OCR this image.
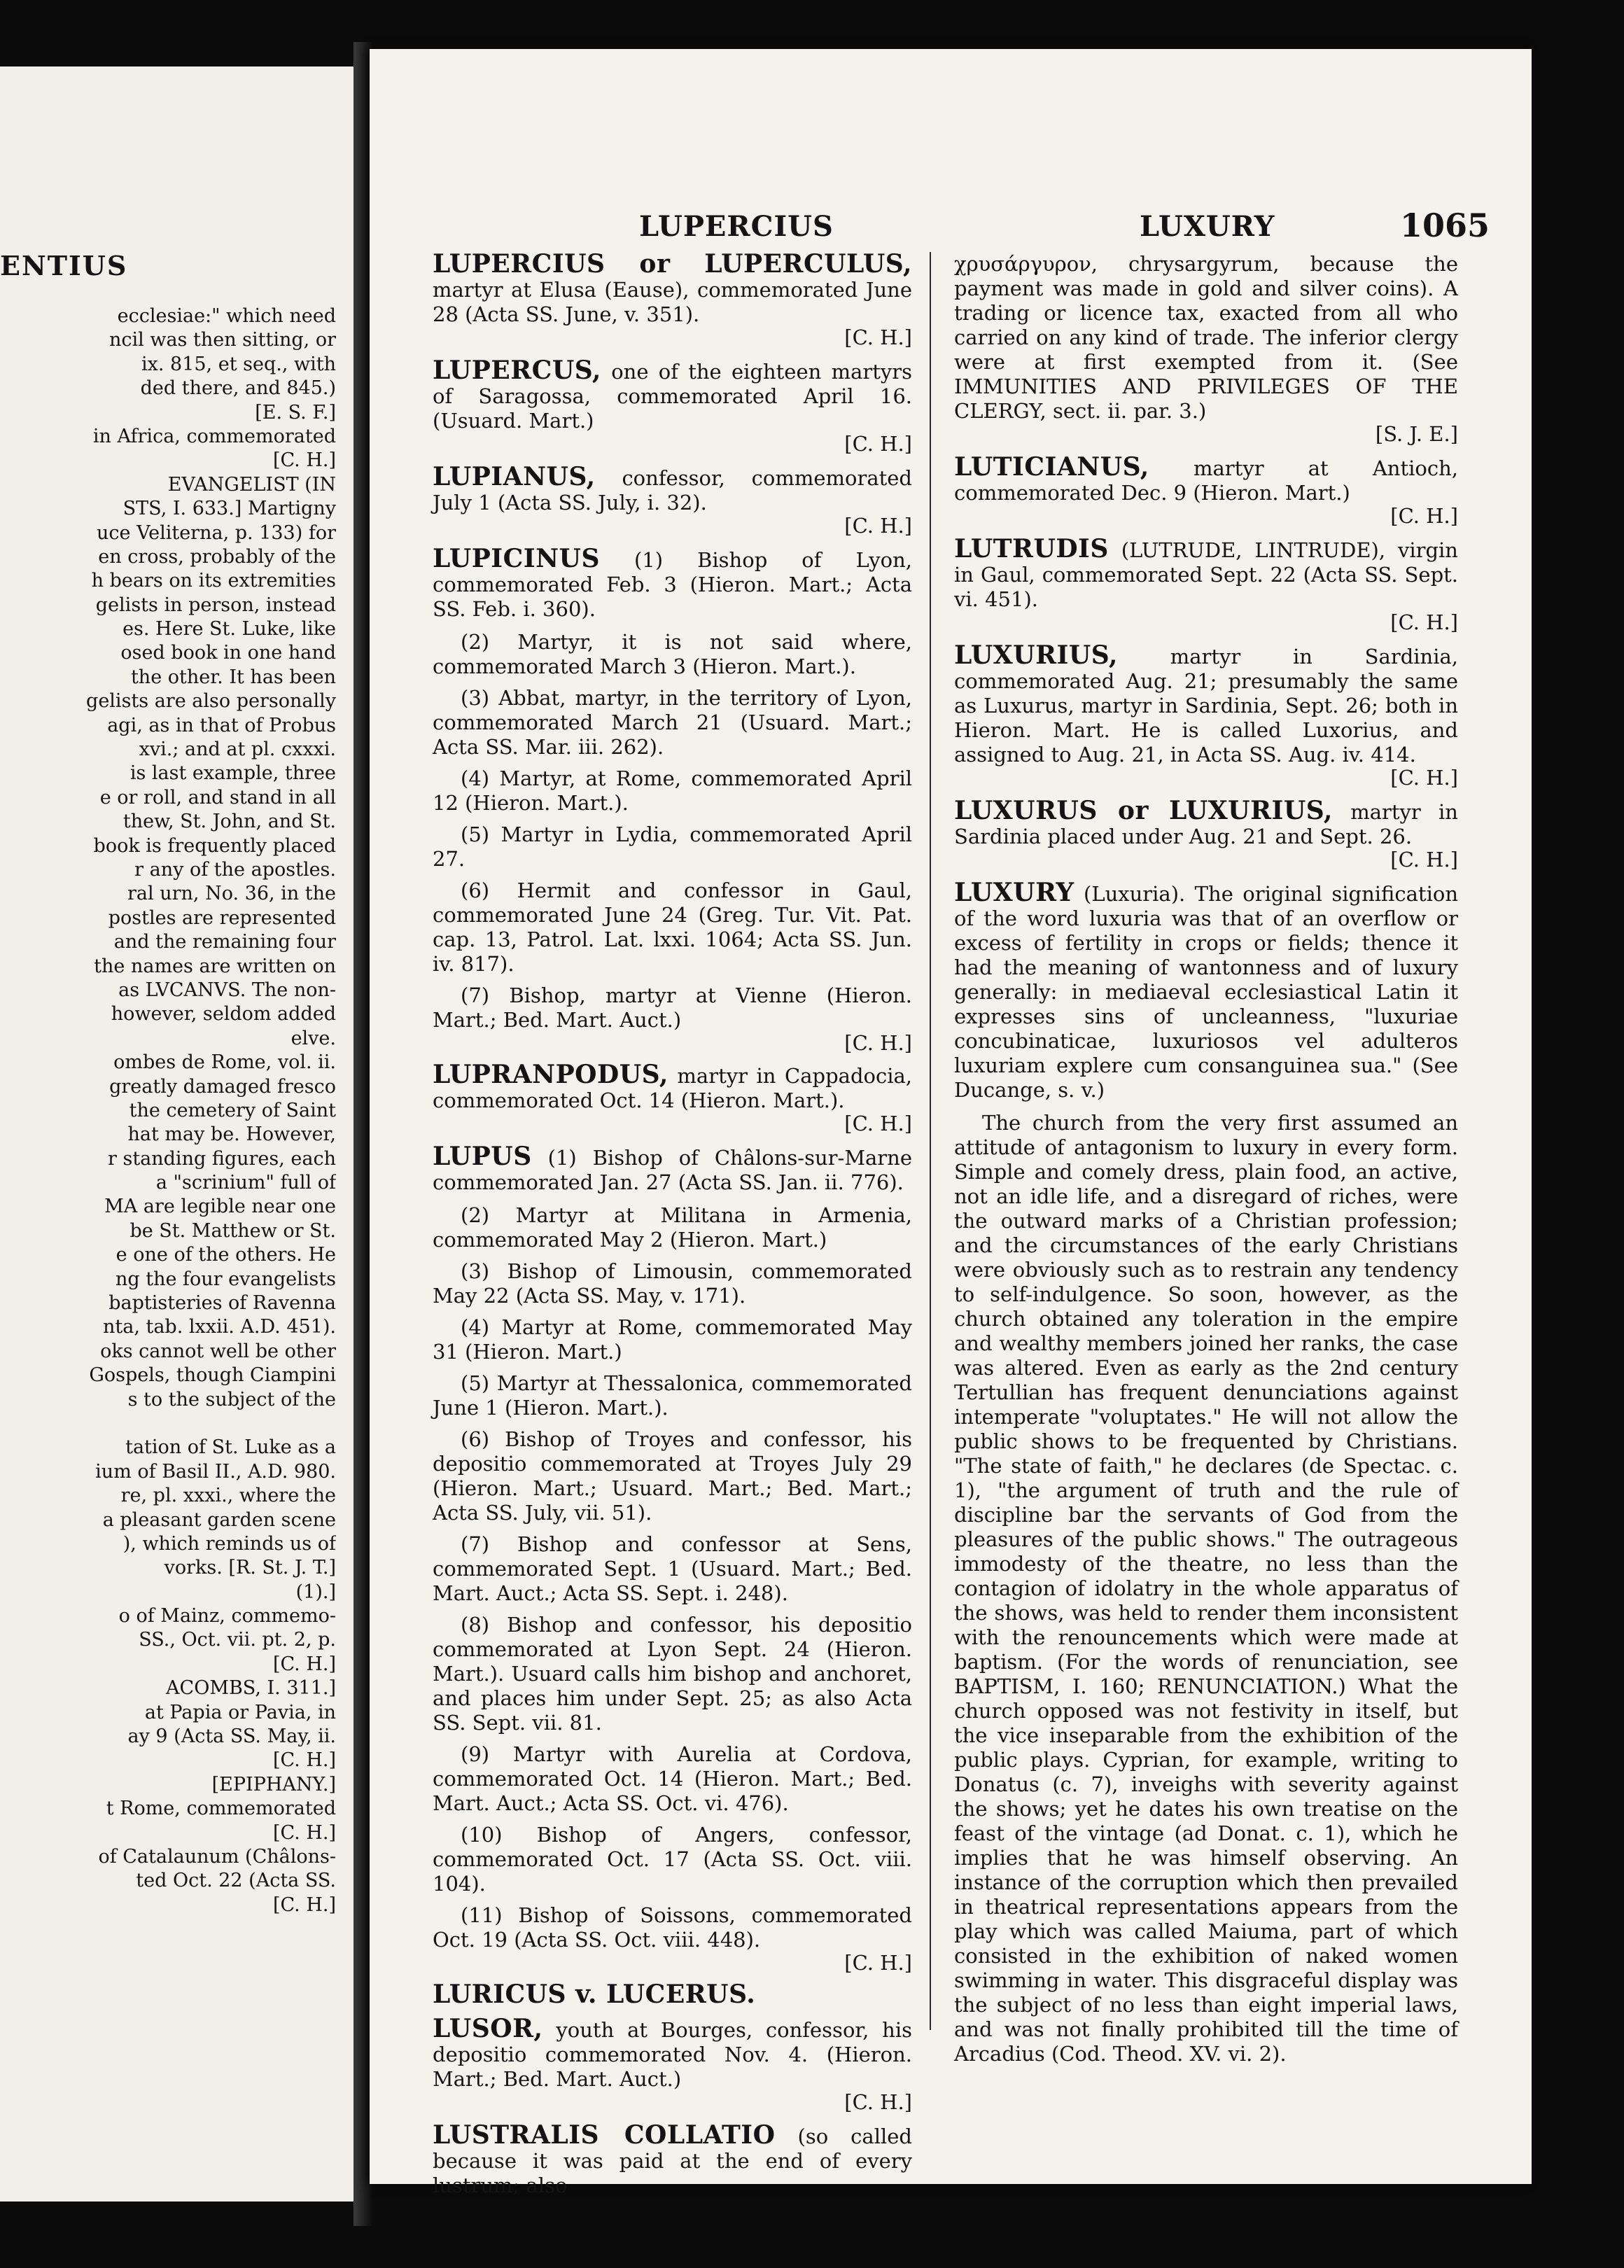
ENTIUS
ecclesiae:" which need
ncil was then sitting, or
ix. 815, et seq., with
ded there, and 845.)
[E. S. F.]
in Africa, commemorated
[C. H.]
EVANGELIST (IN
STS, I. 633.] Martigny
uce Veliterna, p. 133) for
en cross, probably of the
h bears on its extremities
gelists in person, instead
es. Here St. Luke, like
osed book in one hand
the other. It has been
gelists are also personally
agi, as in that of Probus
xvi.; and at pl. cxxxi.
is last example, three
e or roll, and stand in all
thew, St. John, and St.
book is frequently placed
r any of the apostles.
ral urn, No. 36, in the
postles are represented
and the remaining four
the names are written on
as LVCANVS. The non-
however, seldom added
elve.
ombes de Rome, vol. ii.
greatly damaged fresco
the cemetery of Saint
hat may be. However,
r standing figures, each
a "scrinium" full of
MA are legible near one
be St. Matthew or St.
e one of the others. He
ng the four evangelists
baptisteries of Ravenna
nta, tab. lxxii. A.D. 451).
oks cannot well be other
Gospels, though Ciampini
s to the subject of the
tation of St. Luke as a
ium of Basil II., A.D. 980.
re, pl. xxxi., where the
a pleasant garden scene
), which reminds us of
vorks. [R. St. J. T.]
(1).]
o of Mainz, commemo-
SS., Oct. vii. pt. 2, p.
[C. H.]
ACOMBS, I. 311.]
at Papia or Pavia, in
ay 9 (Acta SS. May, ii.
[C. H.]
[EPIPHANY.]
t Rome, commemorated
[C. H.]
of Catalaunum (Châlons-
ted Oct. 22 (Acta SS.
[C. H.]
LUPERCIUS	LUXURY	1065
LUPERCIUS or LUPERCULUS, martyr at Elusa (Eause), commemorated June 28 (Acta SS. June, v. 351).
[C. H.]
LUPERCUS, one of the eighteen martyrs of Saragossa, commemorated April 16. (Usuard. Mart.)
[C. H.]
LUPIANUS, confessor, commemorated July 1 (Acta SS. July, i. 32).
[C. H.]
LUPICINUS (1) Bishop of Lyon, commemorated Feb. 3 (Hieron. Mart.; Acta SS. Feb. i. 360).
(2) Martyr, it is not said where, commemorated March 3 (Hieron. Mart.).
(3) Abbat, martyr, in the territory of Lyon, commemorated March 21 (Usuard. Mart.; Acta SS. Mar. iii. 262).
(4) Martyr, at Rome, commemorated April 12 (Hieron. Mart.).
(5) Martyr in Lydia, commemorated April 27.
(6) Hermit and confessor in Gaul, commemorated June 24 (Greg. Tur. Vit. Pat. cap. 13, Patrol. Lat. lxxi. 1064; Acta SS. Jun. iv. 817).
(7) Bishop, martyr at Vienne (Hieron. Mart.; Bed. Mart. Auct.)
[C. H.]
LUPRANPODUS, martyr in Cappadocia, commemorated Oct. 14 (Hieron. Mart.).
[C. H.]
LUPUS (1) Bishop of Châlons-sur-Marne commemorated Jan. 27 (Acta SS. Jan. ii. 776).
(2) Martyr at Militana in Armenia, commemorated May 2 (Hieron. Mart.)
(3) Bishop of Limousin, commemorated May 22 (Acta SS. May, v. 171).
(4) Martyr at Rome, commemorated May 31 (Hieron. Mart.)
(5) Martyr at Thessalonica, commemorated June 1 (Hieron. Mart.).
(6) Bishop of Troyes and confessor, his depositio commemorated at Troyes July 29 (Hieron. Mart.; Usuard. Mart.; Bed. Mart.; Acta SS. July, vii. 51).
(7) Bishop and confessor at Sens, commemorated Sept. 1 (Usuard. Mart.; Bed. Mart. Auct.; Acta SS. Sept. i. 248).
(8) Bishop and confessor, his depositio commemorated at Lyon Sept. 24 (Hieron. Mart.). Usuard calls him bishop and anchoret, and places him under Sept. 25; as also Acta SS. Sept. vii. 81.
(9) Martyr with Aurelia at Cordova, commemorated Oct. 14 (Hieron. Mart.; Bed. Mart. Auct.; Acta SS. Oct. vi. 476).
(10) Bishop of Angers, confessor, commemorated Oct. 17 (Acta SS. Oct. viii. 104).
(11) Bishop of Soissons, commemorated Oct. 19 (Acta SS. Oct. viii. 448).
[C. H.]
LURICUS v. LUCERUS.
LUSOR, youth at Bourges, confessor, his depositio commemorated Nov. 4. (Hieron. Mart.; Bed. Mart. Auct.)
[C. H.]
LUSTRALIS COLLATIO (so called because it was paid at the end of every lustrum; also
χρυσάργυρον, chrysargyrum, because the payment was made in gold and silver coins). A trading or licence tax, exacted from all who carried on any kind of trade. The inferior clergy were at first exempted from it. (See IMMUNITIES AND PRIVILEGES OF THE CLERGY, sect. ii. par. 3.)
[S. J. E.]
LUTICIANUS, martyr at Antioch, commemorated Dec. 9 (Hieron. Mart.)
[C. H.]
LUTRUDIS (LUTRUDE, LINTRUDE), virgin in Gaul, commemorated Sept. 22 (Acta SS. Sept. vi. 451).
[C. H.]
LUXURIUS, martyr in Sardinia, commemorated Aug. 21; presumably the same as Luxurus, martyr in Sardinia, Sept. 26; both in Hieron. Mart. He is called Luxorius, and assigned to Aug. 21, in Acta SS. Aug. iv. 414.
[C. H.]
LUXURUS or LUXURIUS, martyr in Sardinia placed under Aug. 21 and Sept. 26.
[C. H.]
LUXURY (Luxuria). The original signification of the word luxuria was that of an overflow or excess of fertility in crops or fields; thence it had the meaning of wantonness and of luxury generally: in mediaeval ecclesiastical Latin it expresses sins of uncleanness, "luxuriae concubinaticae, luxuriosos vel adulteros luxuriam explere cum consanguinea sua." (See Ducange, s. v.)
The church from the very first assumed an attitude of antagonism to luxury in every form. Simple and comely dress, plain food, an active, not an idle life, and a disregard of riches, were the outward marks of a Christian profession; and the circumstances of the early Christians were obviously such as to restrain any tendency to self-indulgence. So soon, however, as the church obtained any toleration in the empire and wealthy members joined her ranks, the case was altered. Even as early as the 2nd century Tertullian has frequent denunciations against intemperate "voluptates." He will not allow the public shows to be frequented by Christians. "The state of faith," he declares (de Spectac. c. 1), "the argument of truth and the rule of discipline bar the servants of God from the pleasures of the public shows." The outrageous immodesty of the theatre, no less than the contagion of idolatry in the whole apparatus of the shows, was held to render them inconsistent with the renouncements which were made at baptism. (For the words of renunciation, see BAPTISM, I. 160; RENUNCIATION.) What the church opposed was not festivity in itself, but the vice inseparable from the exhibition of the public plays. Cyprian, for example, writing to Donatus (c. 7), inveighs with severity against the shows; yet he dates his own treatise on the feast of the vintage (ad Donat. c. 1), which he implies that he was himself observing. An instance of the corruption which then prevailed in theatrical representations appears from the play which was called Maiuma, part of which consisted in the exhibition of naked women swimming in water. This disgraceful display was the subject of no less than eight imperial laws, and was not finally prohibited till the time of Arcadius (Cod. Theod. XV. vi. 2).
